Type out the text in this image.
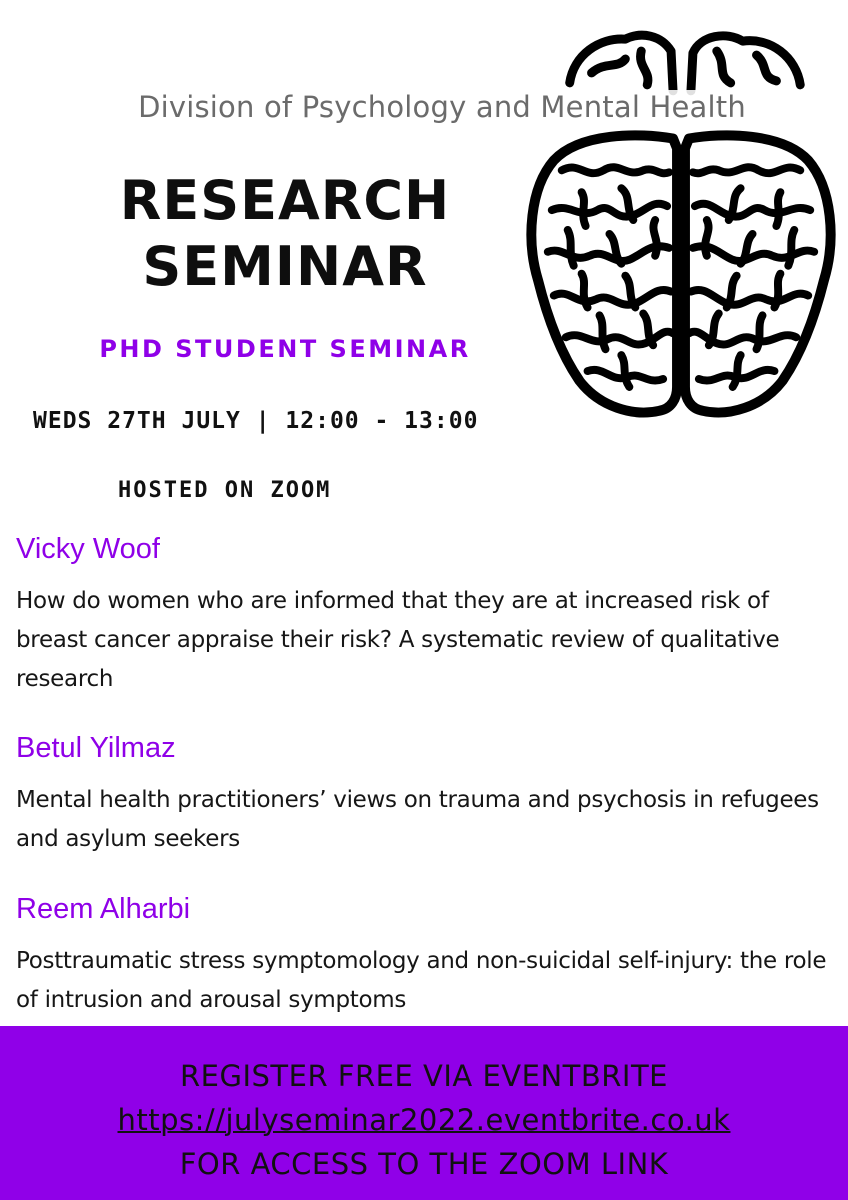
Division of Psychology and Mental Health
RESEARCH
SEMINAR
PHD STUDENT SEMINAR
WEDS 27TH JULY | 12:00 - 13:00
HOSTED ON ZOOM
Vicky Woof
How do women who are informed that they are at increased risk of breast cancer appraise their risk? A systematic review of qualitative research
Betul Yilmaz
Mental health practitioners’ views on trauma and psychosis in refugees and asylum seekers
Reem Alharbi
Posttraumatic stress symptomology and non-suicidal self-injury: the role of intrusion and arousal symptoms
REGISTER FREE VIA EVENTBRITE
https://julyseminar2022.eventbrite.co.uk
FOR ACCESS TO THE ZOOM LINK
